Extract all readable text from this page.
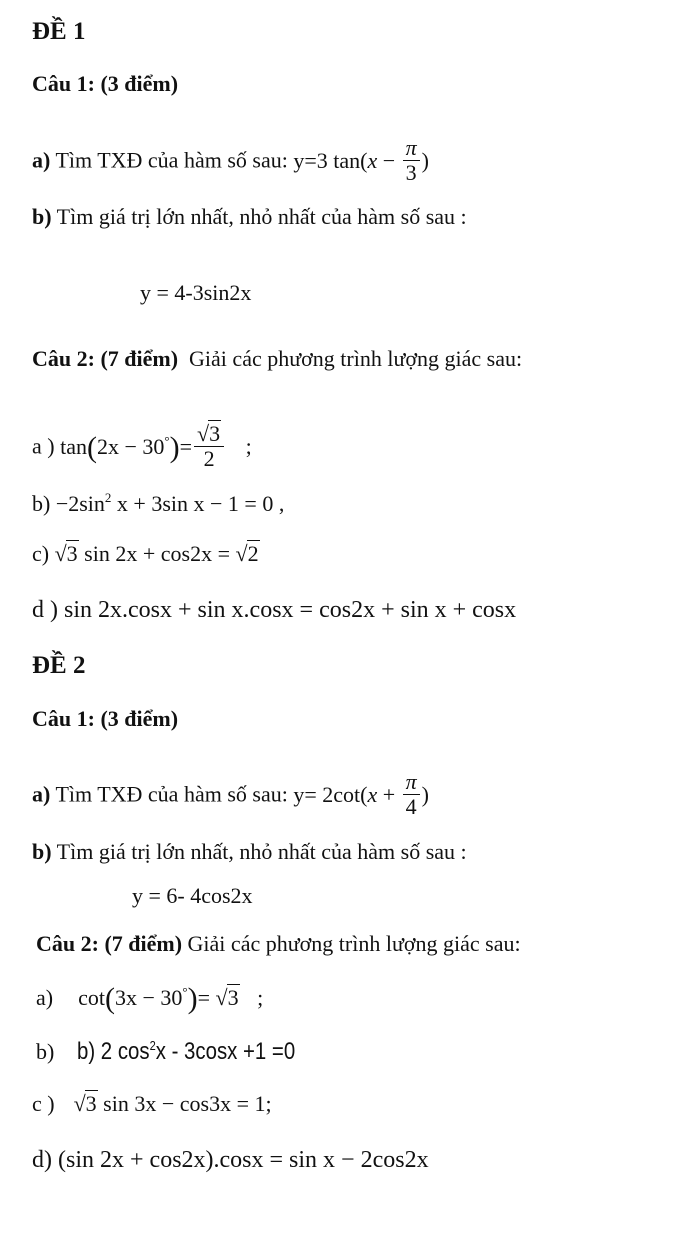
ĐỀ 1
Câu 1: (3 điểm)
a) Tìm TXĐ của hàm số sau: y=3 $\tan(x - \frac{\pi}{3}$ )
b) Tìm giá trị lớn nhất, nhỏ nhất của hàm số sau :
y = 4-3sin2x
Câu 2: (7 điểm) Giải các phương trình lượng giác sau:
a ) $\tan(2x - 30^\circ)= \frac{√3}{2}$ ;
$b) -2\sin^2$ x + 3sin x − 1 = 0 ,
c) √3 sin 2x + cos2x = √2
d ) sin 2x.cosx + sin x.cosx = cos2x + sin x + cosx
ĐỀ 2
Câu 1: (3 điểm)
a) Tìm TXĐ của hàm số sau: $y= 2\cot(x + \frac{\pi}{4}$ )
b) Tìm giá trị lớn nhất, nhỏ nhất của hàm số sau :
y = 6- 4cos2x
Câu 2: (7 điểm) Giải các phương trình lượng giác sau:
a) cot(3x − 30°)= √3 ;
b) b) 2 $\cos^2x - 3\cos x +1 =0$
c ) √3 sin 3x − cos3x = 1;
d) (sin 2x + cos2x).cosx = sin x − 2cos2x
